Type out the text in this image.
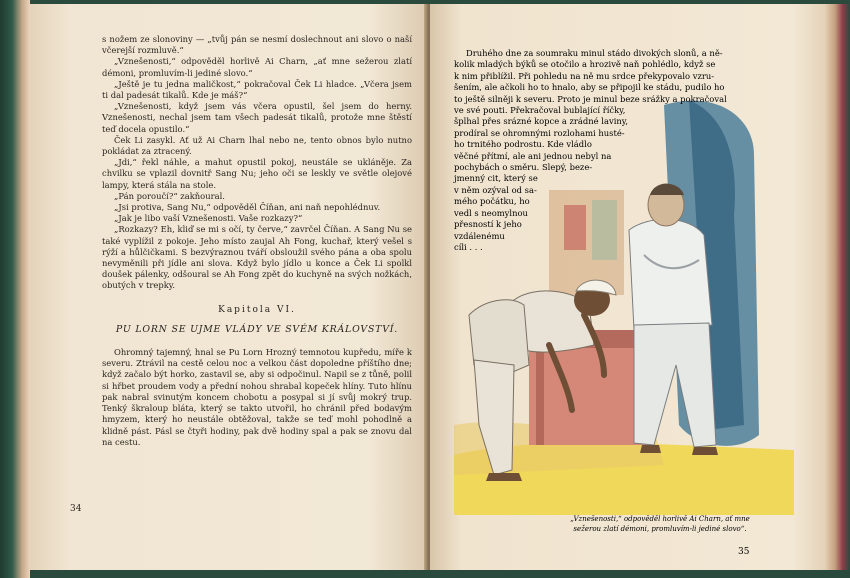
s nožem ze slonoviny — „tvůj pán se nesmí doslechnout ani slovo o naší včerejší rozmluvě.“

„Vznešenosti,“ odpověděl horlivě Ai Charn, „ať mne sežerou zlatí démoni, promluvím-li jediné slovo.“

„Ještě je tu jedna maličkost,“ pokračoval Ček Li hladce. „Včera jsem ti dal padesát tikalů. Kde je máš?“

„Vznešenosti, když jsem vás včera opustil, šel jsem do herny. Vznešenosti, nechal jsem tam všech padesát tikalů, protože mne štěstí teď docela opustilo.“

Ček Li zasykl. Ať už Ai Charn lhal nebo ne, tento obnos bylo nutno pokládat za ztracený.

„Jdi,“ řekl náhle, a mahut opustil pokoj, neustále se ukláněje. Za chvilku se vplazil dovnitř Sang Nu; jeho oči se leskly ve světle olejové lampy, která stála na stole.

„Pán poroučí?“ zakňoural.

„Jsi protiva, Sang Nu,“ odpověděl Číňan, ani naň nepohlédnuv.

„Jak je libo vaší Vznešenosti. Vaše rozkazy?“

„Rozkazy? Eh, kliď se mi s očí, ty červe,“ zavrčel Číňan. A Sang Nu se také vyplížil z pokoje. Jeho místo zaujal Ah Fong, kuchař, který vešel s rýží a hůlčičkami. S bezvýraznou tváří obsloužil svého pána a oba spolu nevyměnili při jídle ani slova. Když bylo jídlo u konce a Ček Li spolkl doušek pálenky, odšoural se Ah Fong zpět do kuchyně na svých nožkách, obutých v trepky.

Kapitola VI.

PU LORN SE UJME VLÁDY VE SVÉM KRÁLOVSTVÍ.

Ohromný tajemný, hnal se Pu Lorn Hrozný temnotou kupředu, míře k severu. Ztrávil na cestě celou noc a velkou část dopoledne příštího dne; když začalo být horko, zastavil se, aby si odpočinul. Napil se z tůně, polil si hřbet proudem vody a přední nohou shrabal kopeček hlíny. Tuto hlínu pak nabral svinutým koncem chobotu a posypal si jí svůj mokrý trup. Tenký škraloup bláta, který se takto utvořil, ho chránil před bodavým hmyzem, který ho neustále obtěžoval, takže se teď mohl pohodlně a klidně pást. Pásl se čtyři hodiny, pak dvě hodiny spal a pak se znovu dal na cestu.

34
Druhého dne za soumraku minul stádo divokých slonů, a ně-
kolik mladých býků se otočilo a hrozivě naň pohlédlo, když se
k nim přiblížil. Při pohledu na ně mu srdce překypovalo vzru-
šením, ale ačkoli ho to hnalo, aby se připojil ke stádu, pudilo ho
to ještě silněji k severu. Proto je minul beze srážky a pokračoval
ve své pouti. Překračoval bublající říčky,
šplhal přes srázné kopce a zrádné laviny,
prodíral se ohromnými rozlohami husté-
ho trnitého podrostu. Kde vládlo
věčné přítmí, ale ani jednou nebyl na
pochybách o směru. Slepý, beze-
jmenný cit, který se
v něm ozýval od sa-
mého počátku, ho
vedl s neomylnou
přesností k jeho
vzdálenému
cíli . . .
„Vznešenosti,“ odpověděl horlivě Ai Charn, ať mne
sežerou zlatí démoni, promluvím-li jediné slovo“.
35
